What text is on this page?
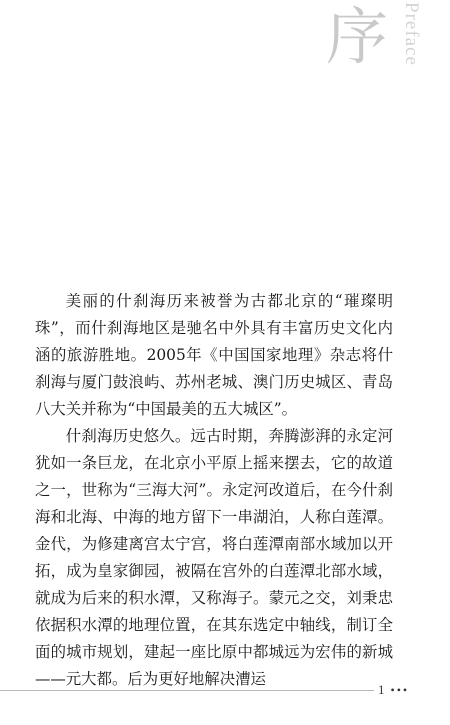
序 Preface

美丽的什刹海历来被誉为古都北京的“璀璨明珠”，而什刹海地区是驰名中外具有丰富历史文化内涵的旅游胜地。2005年《中国国家地理》杂志将什刹海与厦门鼓浪屿、苏州老城、澳门历史城区、青岛八大关并称为“中国最美的五大城区”。

什刹海历史悠久。远古时期，奔腾澎湃的永定河犹如一条巨龙，在北京小平原上摇来摆去，它的故道之一，世称为“三海大河”。永定河改道后，在今什刹海和北海、中海的地方留下一串湖泊，人称白莲潭。金代，为修建离宫太宁宫，将白莲潭南部水域加以开拓，成为皇家御园，被隔在宫外的白莲潭北部水域，就成为后来的积水潭，又称海子。蒙元之交，刘秉忠依据积水潭的地理位置，在其东选定中轴线，制订全面的城市规划，建起一座比原中都城远为宏伟的新城——元大都。后为更好地解决漕运

1 •••
